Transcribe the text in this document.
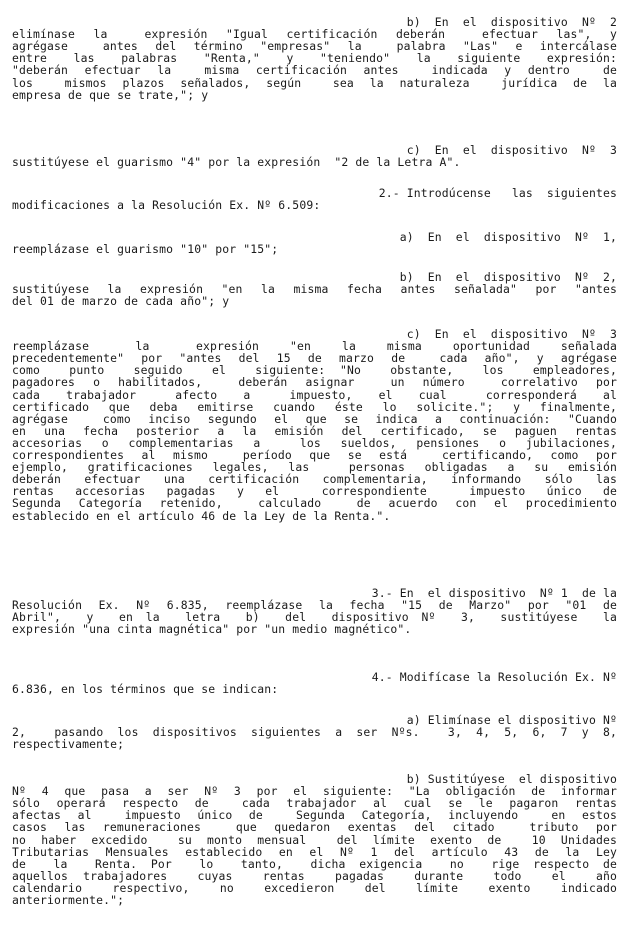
b)  En  el  dispositivo  Nº  2
elimínase la  expresión "Igual certificación deberán  efectuar las", y
agrégase  antes del término "empresas" la  palabra "Las" e intercálase
entre  las  palabras  "Renta,"  y  "teniendo"  la  siguiente  expresión:
"deberán efectuar la  misma certificación antes  indicada y dentro  de
los  mismos plazos señalados, según  sea la naturaleza  jurídica de la
empresa de que se trate,"; y
c)  En  el  dispositivo  Nº  3
sustitúyese el guarismo "4" por la expresión  "2 de la Letra A".
2.- Introdúcense   las  siguientes
modificaciones a la Resolución Ex. Nº 6.509:
a)  En  el  dispositivo  Nº  1,
reemplázase el guarismo "10" por "15";
b)  En  el  dispositivo  Nº  2,
sustitúyese la expresión "en la misma fecha antes señalada" por "antes
del 01 de marzo de cada año"; y
c)  En  el  dispositivo  Nº  3
reemplázase   la   expresión  "en  la  misma  oportunidad  señalada
precedentemente" por "antes del 15 de marzo de  cada año", y agrégase
como  punto  seguido  el  siguiente: "No  obstante,  los  empleadores,
pagadores o habilitados,  deberán asignar  un número  correlativo por
cada  trabajador   afecto  a   impuesto,  el  cual   corresponderá  al
certificado que deba emitirse cuando éste lo solicite."; y finalmente,
agrégase  como inciso segundo el que se indica a continuación: "Cuando
en una fecha posterior a la emisión del certificado, se paguen rentas
accesorias o complementarias a  los sueldos, pensiones o jubilaciones,
correspondientes al mismo  período que se está  certificando, como por
ejemplo, gratificaciones legales, las  personas obligadas a su emisión
deberán efectuar una certificación complementaria, informando sólo las
rentas accesorias pagadas y el  correspondiente  impuesto único de
Segunda Categoría retenido,  calculado  de acuerdo con el procedimiento
establecido en el artículo 46 de la Ley de la Renta.".
3.- En  el dispositivo  Nº 1  de la
Resolución Ex. Nº 6.835, reemplázase la fecha "15 de Marzo" por "01 de
Abril",  y  en la  letra  b)  del  dispositivo Nº  3,  sustitúyese  la
expresión "una cinta magnética" por "un medio magnético".
4.- Modifícase la Resolución Ex. Nº
6.836, en los términos que se indican:
a) Elimínase el dispositivo Nº
2,  pasando los dispositivos siguientes a ser Nºs.  3, 4, 5, 6, 7 y 8,
respectivamente;
b) Sustitúyese  el dispositivo
Nº 4 que pasa a ser Nº 3 por el siguiente: "La obligación de informar
sólo operará respecto de  cada trabajador al cual se le pagaron rentas
afectas al  impuesto único de  Segunda Categoría, incluyendo  en estos
casos las remuneraciones  que quedaron exentas del citado  tributo por
no haber excedido  su monto mensual  del límite exento de  10 Unidades
Tributarias Mensuales establecido en el Nº 1 del artículo 43 de la Ley
de  la  Renta. Por  lo  tanto,  dicha exigencia  no  rige respecto de
aquellos trabajadores  cuyas  rentas  pagadas  durante  todo  el  año
calendario  respectivo,  no  excedieron  del  límite  exento  indicado
anteriormente.";
